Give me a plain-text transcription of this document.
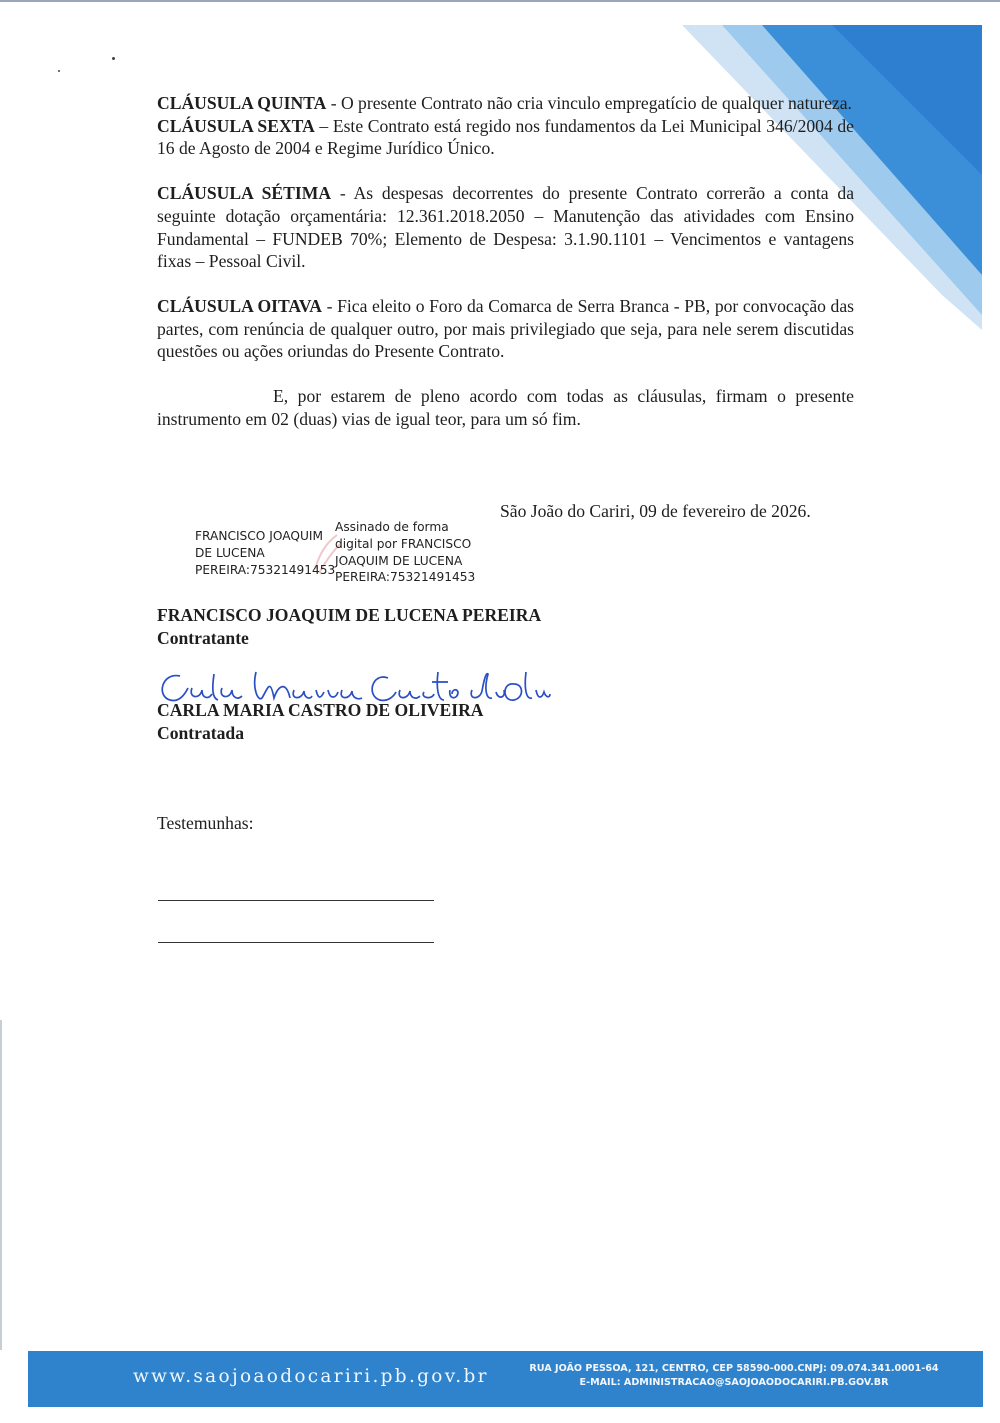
CLÁUSULA QUINTA - O presente Contrato não cria vinculo empregatício de qualquer natureza.

CLÁUSULA SEXTA – Este Contrato está regido nos fundamentos da Lei Municipal 346/2004 de 16 de Agosto de 2004 e Regime Jurídico Único.

CLÁUSULA SÉTIMA - As despesas decorrentes do presente Contrato correrão a conta da seguinte dotação orçamentária: 12.361.2018.2050 – Manutenção das atividades com Ensino Fundamental – FUNDEB 70%; Elemento de Despesa: 3.1.90.1101 – Vencimentos e vantagens fixas – Pessoal Civil.

CLÁUSULA OITAVA - Fica eleito o Foro da Comarca de Serra Branca - PB, por convocação das partes, com renúncia de qualquer outro, por mais privilegiado que seja, para nele serem discutidas questões ou ações oriundas do Presente Contrato.

E, por estarem de pleno acordo com todas as cláusulas, firmam o presente instrumento em 02 (duas) vias de igual teor, para um só fim.

São João do Cariri, 09 de fevereiro de 2026.
FRANCISCO JOAQUIM
DE LUCENA
PEREIRA:75321491453
Assinado de forma
digital por FRANCISCO
JOAQUIM DE LUCENA
PEREIRA:75321491453
FRANCISCO JOAQUIM DE LUCENA PEREIRA
Contratante
CARLA MARIA CASTRO DE OLIVEIRA
Contratada
Testemunhas:
www.saojoaodocariri.pb.gov.br	RUA JOÃO PESSOA, 121, CENTRO, CEP 58590-000.CNPJ: 09.074.341.0001-64
E-MAIL: ADMINISTRACAO@SAOJOAODOCARIRI.PB.GOV.BR
